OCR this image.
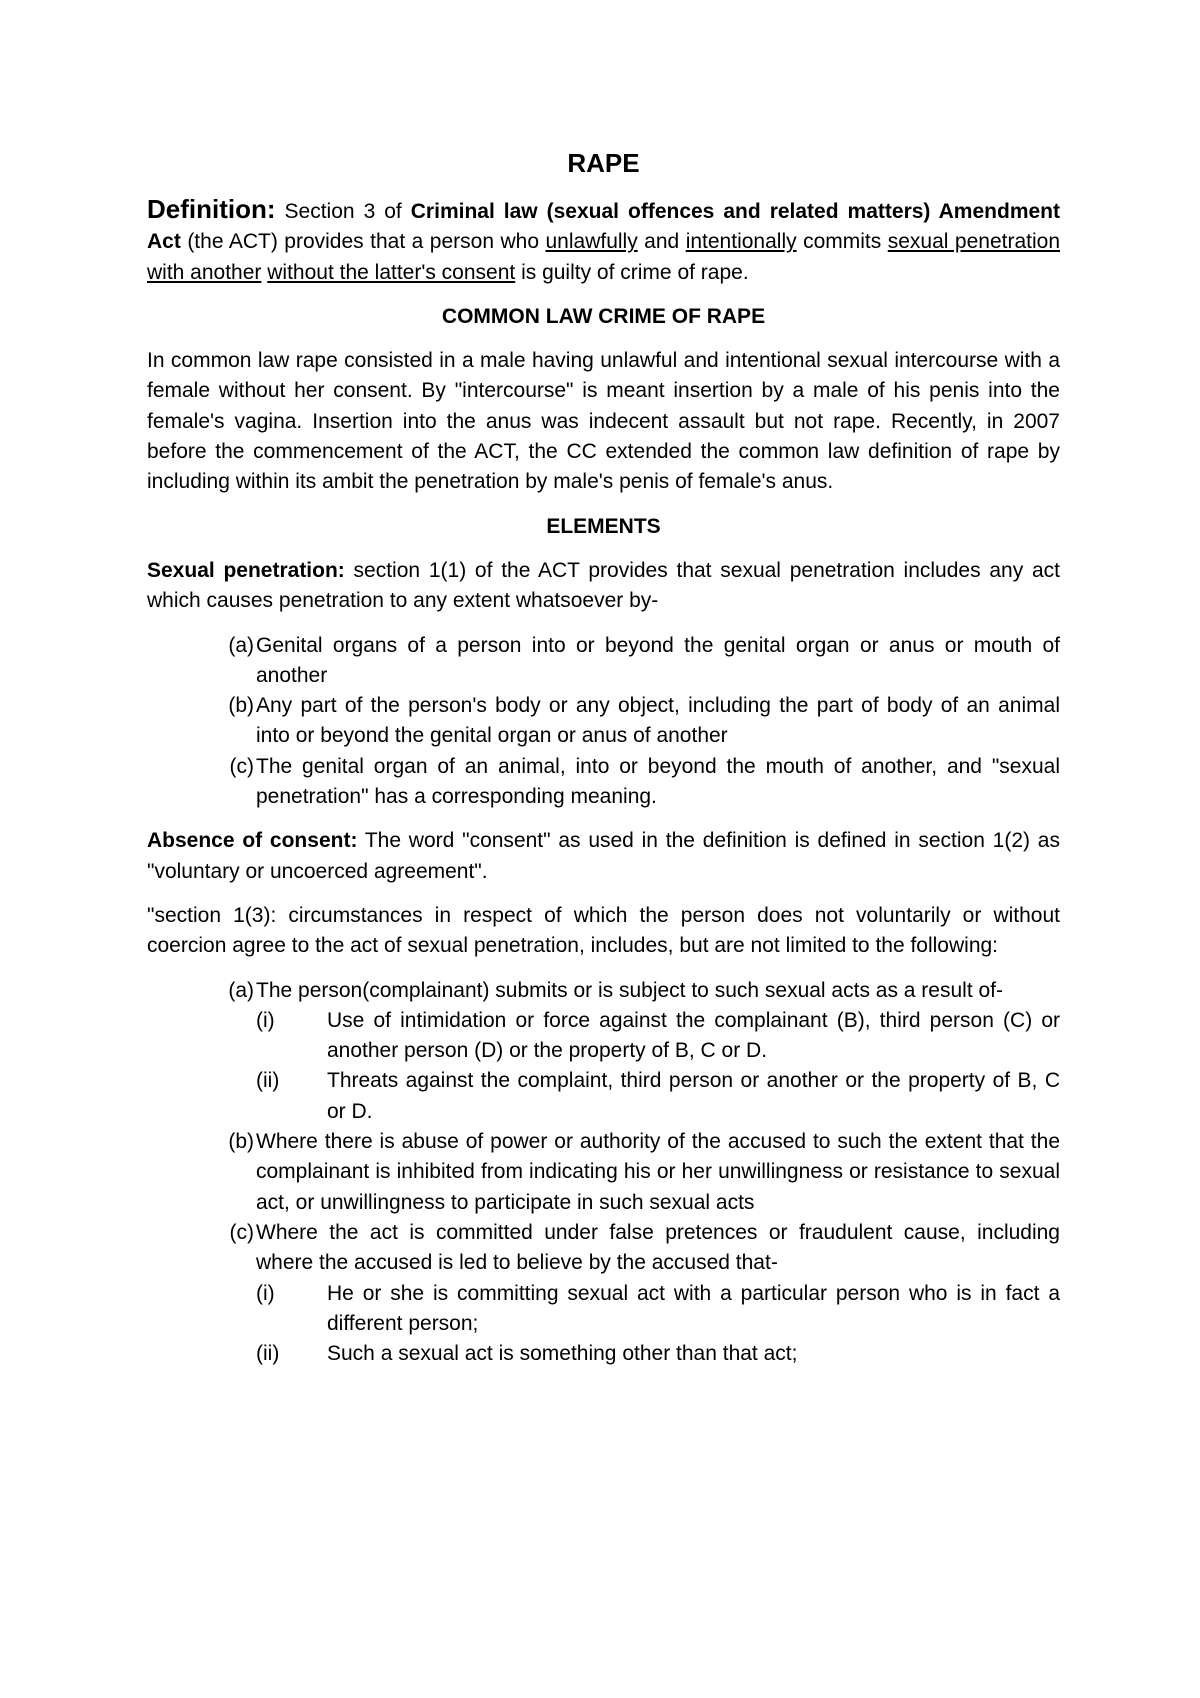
RAPE

Definition: Section 3 of Criminal law (sexual offences and related matters) Amendment Act (the ACT) provides that a person who unlawfully and intentionally commits sexual penetration with another without the latter's consent is guilty of crime of rape.

COMMON LAW CRIME OF RAPE

In common law rape consisted in a male having unlawful and intentional sexual intercourse with a female without her consent. By "intercourse" is meant insertion by a male of his penis into the female's vagina. Insertion into the anus was indecent assault but not rape. Recently, in 2007 before the commencement of the ACT, the CC extended the common law definition of rape by including within its ambit the penetration by male's penis of female's anus.

ELEMENTS

Sexual penetration: section 1(1) of the ACT provides that sexual penetration includes any act which causes penetration to any extent whatsoever by-

(a) Genital organs of a person into or beyond the genital organ or anus or mouth of another
(b) Any part of the person's body or any object, including the part of body of an animal into or beyond the genital organ or anus of another
(c) The genital organ of an animal, into or beyond the mouth of another, and "sexual penetration" has a corresponding meaning.

Absence of consent: The word "consent" as used in the definition is defined in section 1(2) as "voluntary or uncoerced agreement".

"section 1(3): circumstances in respect of which the person does not voluntarily or without coercion agree to the act of sexual penetration, includes, but are not limited to the following:

(a) The person(complainant) submits or is subject to such sexual acts as a result of-
(i)	Use of intimidation or force against the complainant (B), third person (C) or another person (D) or the property of B, C or D.
(ii)	Threats against the complaint, third person or another or the property of B, C or D.
(b) Where there is abuse of power or authority of the accused to such the extent that the complainant is inhibited from indicating his or her unwillingness or resistance to sexual act, or unwillingness to participate in such sexual acts
(c) Where the act is committed under false pretences or fraudulent cause, including where the accused is led to believe by the accused that-
(i)	He or she is committing sexual act with a particular person who is in fact a different person;
(ii)	Such a sexual act is something other than that act;
